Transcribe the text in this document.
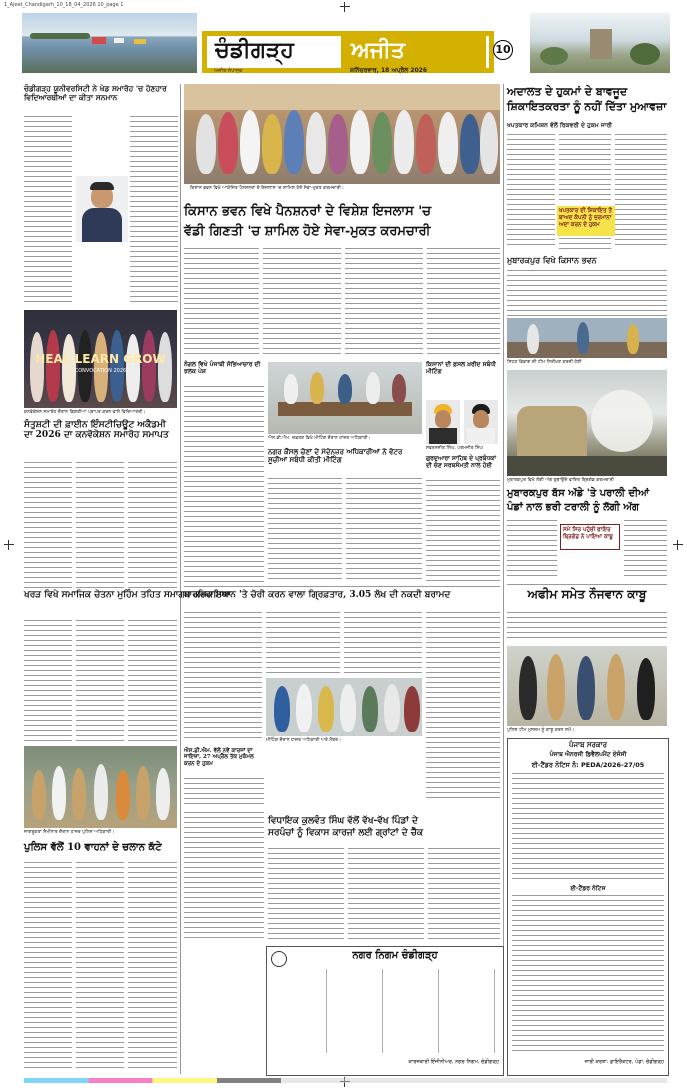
1_Ajeet_Chandigarh_10_18_04_2026 10_page 1
ਚੰਡੀਗੜ੍ਹ	ਅਜੀਤ
ਅਜੀਤ ਸੰਪਾਦਕ	ਸ਼ਨਿੱਚਰਵਾਰ, 18 ਅਪ੍ਰੈਲ 2026
10
ਚੰਡੀਗੜ੍ਹ ਯੂਨੀਵਰਸਿਟੀ ਨੇ ਖੇਡ ਸਮਾਰੋਹ 'ਚ ਹੋਣਹਾਰ ਵਿਦਿਆਰਥੀਆਂ ਦਾ ਕੀਤਾ ਸਨਮਾਨ
ਕਿਸਾਨ ਭਵਨ ਵਿਖੇ ਆਯੋਜਿਤ ਪੈਨਸ਼ਨਰਾਂ ਦੇ ਇਜਲਾਸ 'ਚ ਸ਼ਾਮਿਲ ਹੋਏ ਸੇਵਾ-ਮੁਕਤ ਕਰਮਚਾਰੀ।
ਕਿਸਾਨ ਭਵਨ ਵਿਖੇ ਪੈਨਸ਼ਨਰਾਂ ਦੇ ਵਿਸ਼ੇਸ਼ ਇਜਲਾਸ 'ਚ
ਵੱਡੀ ਗਿਣਤੀ 'ਚ ਸ਼ਾਮਿਲ ਹੋਏ ਸੇਵਾ-ਮੁਕਤ ਕਰਮਚਾਰੀ
ਅਦਾਲਤ ਦੇ ਹੁਕਮਾਂ ਦੇ ਬਾਵਜੂਦ
ਸ਼ਿਕਾਇਤਕਰਤਾ ਨੂੰ ਨਹੀਂ ਦਿੱਤਾ ਮੁਆਵਜ਼ਾ
ਖਪਤਕਾਰ ਕਮਿਸ਼ਨ ਵੱਲੋਂ ਰਿਕਵਰੀ ਦੇ ਹੁਕਮ ਜਾਰੀ
ਖਪਤਕਾਰ ਦੀ ਸ਼ਿਕਾਇਤ ਤੋਂ ਬਾਅਦ ਕੰਪਨੀ ਨੂੰ ਜੁਰਮਾਨਾ ਅਦਾ ਕਰਨ ਦੇ ਹੁਕਮ
ਮੁਬਾਰਕਪੁਰ ਵਿਖੇ ਕਿਸਾਨ ਭਵਨ
ਸਿਹਤ ਵਿਭਾਗ ਦੀ ਟੀਮ ਨਿਰੀਖਣ ਕਰਦੀ ਹੋਈ
ਮੁਬਾਰਕਪੁਰ ਵਿਖੇ ਲੱਗੀ ਅੱਗ ਬੁਝਾਉਂਦੇ ਫਾਇਰ ਬ੍ਰਿਗੇਡ ਕਰਮਚਾਰੀ
ਮੁਬਾਰਕਪੁਰ ਬੱਸ ਅੱਡੇ 'ਤੇ ਪਰਾਲੀ ਦੀਆਂ
ਪੰਡਾਂ ਨਾਲ ਭਰੀ ਟਰਾਲੀ ਨੂੰ ਲੱਗੀ ਅੱਗ
ਸਮੇਂ ਸਿਰ ਪਹੁੰਚੀ ਫਾਇਰ ਬ੍ਰਿਗੇਡ ਨੇ ਪਾਇਆ ਕਾਬੂ
HEAL LEARN GROW
CONVOCATION 2026
ਕਨਵੋਕੇਸ਼ਨ ਸਮਾਰੋਹ ਦੌਰਾਨ ਡਿਗਰੀਆਂ ਪ੍ਰਾਪਤ ਕਰਨ ਵਾਲੇ ਵਿਦਿਆਰਥੀ।
ਸੰਤੁਸ਼ਟੀ ਦੀ ਫ਼ਾਈਨ ਇੰਸਟੀਚਿਊਟ ਅਕੈਡਮੀ ਦਾ 2026 ਦਾ ਕਨਵੋਕੇਸ਼ਨ ਸਮਾਰੋਹ ਸਮਾਪਤ
ਨੰਗਲ ਵਿਖੇ ਪੰਜਾਬੀ ਸੱਭਿਆਚਾਰ ਦੀ ਝਲਕ ਪੇਸ਼
ਐਸ.ਡੀ.ਐਮ. ਦਫ਼ਤਰ ਵਿਖੇ ਮੀਟਿੰਗ ਦੌਰਾਨ ਹਾਜ਼ਰ ਅਧਿਕਾਰੀ।
ਨਗਰ ਕੌਂਸਲ ਚੋਣਾਂ ਦੇ ਮੱਦੇਨਜ਼ਰ ਅਧਿਕਾਰੀਆਂ ਨੇ ਵੋਟਰ ਸੂਚੀਆਂ ਸਬੰਧੀ ਕੀਤੀ ਮੀਟਿੰਗ
ਕਿਸਾਨਾਂ ਦੀ ਫ਼ਸਲ ਖ਼ਰੀਦ ਸਬੰਧੀ ਮੀਟਿੰਗ
ਸਵਰਨਜੀਤ ਸਿੰਘ, ਪਰਮਜੀਤ ਸਿੰਘ
ਗੁਰਦੁਆਰਾ ਸਾਹਿਬ ਦੇ ਪ੍ਰਬੰਧਕਾਂ ਦੀ ਚੋਣ ਸਰਬਸੰਮਤੀ ਨਾਲ ਹੋਈ
ਖਰੜ ਵਿਖੇ ਸਮਾਜਿਕ ਚੇਤਨਾ ਮੁਹਿੰਮ ਤਹਿਤ ਸਮਾਗਮ ਕਰਵਾਇਆ
ਧਾਰਮਿਕ ਸਥਾਨ 'ਤੇ ਚੋਰੀ ਕਰਨ ਵਾਲਾ ਗ੍ਰਿਫ਼ਤਾਰ, 3.05 ਲੱਖ ਦੀ ਨਕਦੀ ਬਰਾਮਦ
ਮੀਟਿੰਗ ਦੌਰਾਨ ਹਾਜ਼ਰ ਅਧਿਕਾਰੀ ਅਤੇ ਮੈਂਬਰ।
ਐਸ.ਡੀ.ਐਮ. ਵੱਲੋਂ ਨਵੇਂ ਕਾਰਜਾਂ ਦਾ ਜਾਇਜ਼ਾ, 27 ਅਪ੍ਰੈਲ ਤੱਕ ਮੁਕੰਮਲ ਕਰਨ ਦੇ ਹੁਕਮ
ਜਾਗਰੂਕਤਾ ਸੈਮੀਨਾਰ ਦੌਰਾਨ ਹਾਜ਼ਰ ਪੁਲਿਸ ਅਧਿਕਾਰੀ।
ਪੁਲਿਸ ਵੱਲੋਂ 10 ਵਾਹਨਾਂ ਦੇ ਚਲਾਨ ਕੱਟੇ
ਵਿਧਾਇਕ ਕੁਲਵੰਤ ਸਿੰਘ ਵੱਲੋਂ ਵੱਖ-ਵੱਖ ਪਿੰਡਾਂ ਦੇ
ਸਰਪੰਚਾਂ ਨੂੰ ਵਿਕਾਸ ਕਾਰਜਾਂ ਲਈ ਗ੍ਰਾਂਟਾਂ ਦੇ ਚੈੱਕ
ਅਫੀਮ ਸਮੇਤ ਨੌਜਵਾਨ ਕਾਬੂ
ਪੁਲਿਸ ਟੀਮ ਮੁਲਜ਼ਮ ਨੂੰ ਕਾਬੂ ਕਰਨ ਸਮੇਂ।
ਪੰਜਾਬ ਸਰਕਾਰ
ਪੰਜਾਬ ਐਨਰਜੀ ਡਿਵੈਲਪਮੈਂਟ ਏਜੰਸੀ
ਈ-ਟੈਂਡਰ ਨੋਟਿਸ ਨੰ: PEDA/2026-27/05
ਈ-ਟੈਂਡਰ ਨੋਟਿਸ
ਜਾਰੀ ਕਰਤਾ: ਡਾਇਰੈਕਟਰ, ਪੇਡਾ, ਚੰਡੀਗੜ੍ਹ
ਨਗਰ ਨਿਗਮ ਚੰਡੀਗੜ੍ਹ
ਕਾਰਜਕਾਰੀ ਇੰਜੀਨੀਅਰ, ਨਗਰ ਨਿਗਮ, ਚੰਡੀਗੜ੍ਹ
